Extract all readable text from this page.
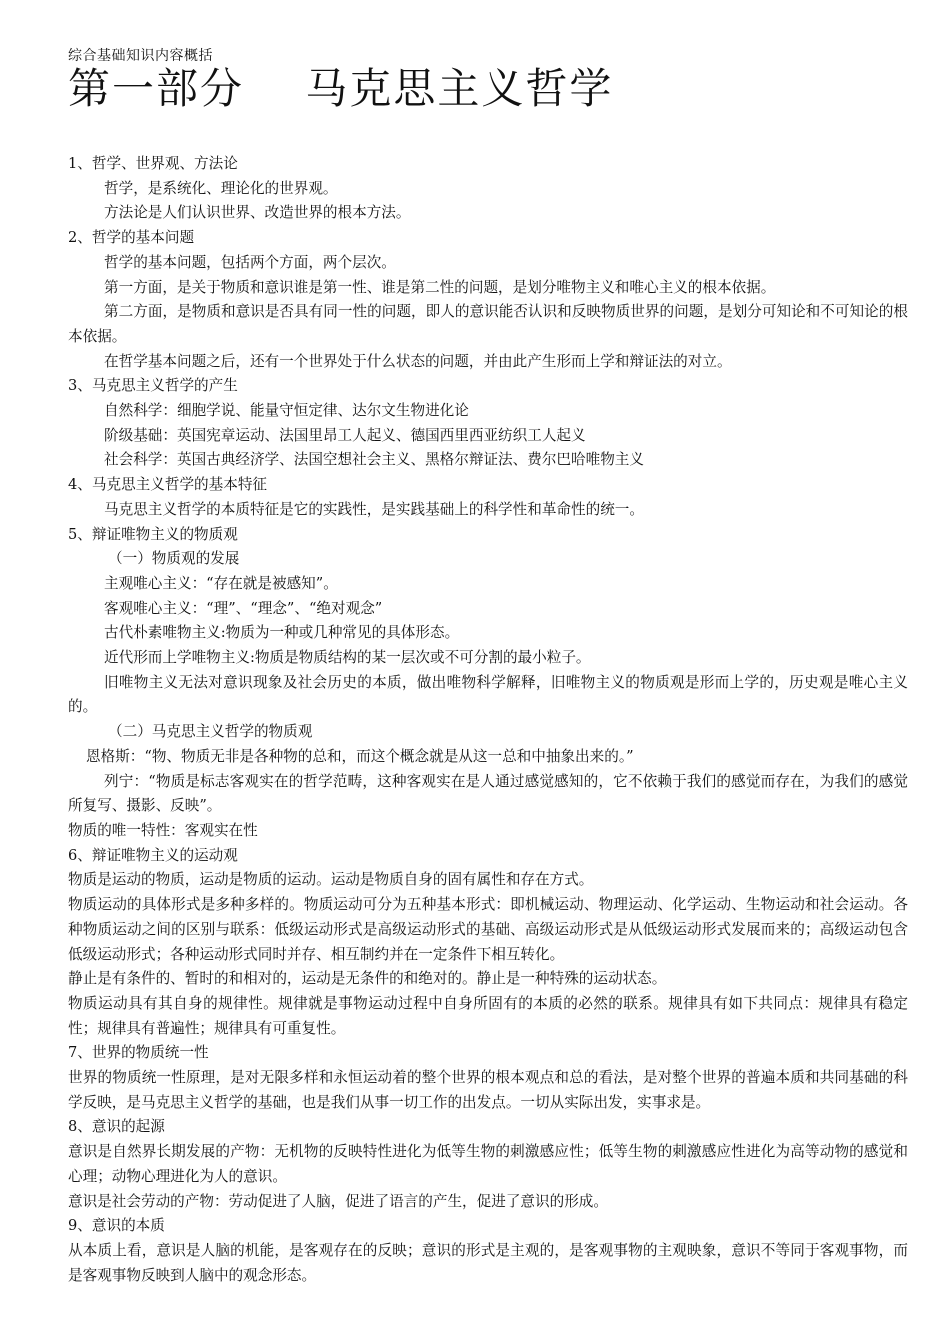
综合基础知识内容概括

第一部分    马克思主义哲学

1、哲学、世界观、方法论

哲学，是系统化、理论化的世界观。

方法论是人们认识世界、改造世界的根本方法。

2、哲学的基本问题

哲学的基本问题，包括两个方面，两个层次。

第一方面，是关于物质和意识谁是第一性、谁是第二性的问题，是划分唯物主义和唯心主义的根本依据。

第二方面，是物质和意识是否具有同一性的问题，即人的意识能否认识和反映物质世界的问题，是划分可知论和不可知论的根本依据。

在哲学基本问题之后，还有一个世界处于什么状态的问题，并由此产生形而上学和辩证法的对立。

3、马克思主义哲学的产生

自然科学：细胞学说、能量守恒定律、达尔文生物进化论

阶级基础：英国宪章运动、法国里昂工人起义、德国西里西亚纺织工人起义

社会科学：英国古典经济学、法国空想社会主义、黑格尔辩证法、费尔巴哈唯物主义

4、马克思主义哲学的基本特征

马克思主义哲学的本质特征是它的实践性，是实践基础上的科学性和革命性的统一。

5、辩证唯物主义的物质观

（一）物质观的发展

主观唯心主义：“存在就是被感知”。

客观唯心主义：“理”、“理念”、“绝对观念”

古代朴素唯物主义:物质为一种或几种常见的具体形态。

近代形而上学唯物主义:物质是物质结构的某一层次或不可分割的最小粒子。

旧唯物主义无法对意识现象及社会历史的本质，做出唯物科学解释，旧唯物主义的物质观是形而上学的，历史观是唯心主义的。

（二）马克思主义哲学的物质观

恩格斯：“物、物质无非是各种物的总和，而这个概念就是从这一总和中抽象出来的。”

列宁：“物质是标志客观实在的哲学范畴，这种客观实在是人通过感觉感知的，它不依赖于我们的感觉而存在，为我们的感觉所复写、摄影、反映”。

物质的唯一特性：客观实在性

6、辩证唯物主义的运动观

物质是运动的物质，运动是物质的运动。运动是物质自身的固有属性和存在方式。

物质运动的具体形式是多种多样的。物质运动可分为五种基本形式：即机械运动、物理运动、化学运动、生物运动和社会运动。各种物质运动之间的区别与联系：低级运动形式是高级运动形式的基础、高级运动形式是从低级运动形式发展而来的；高级运动包含低级运动形式；各种运动形式同时并存、相互制约并在一定条件下相互转化。

静止是有条件的、暂时的和相对的，运动是无条件的和绝对的。静止是一种特殊的运动状态。

物质运动具有其自身的规律性。规律就是事物运动过程中自身所固有的本质的必然的联系。规律具有如下共同点：规律具有稳定性；规律具有普遍性；规律具有可重复性。

7、世界的物质统一性

世界的物质统一性原理，是对无限多样和永恒运动着的整个世界的根本观点和总的看法，是对整个世界的普遍本质和共同基础的科学反映，是马克思主义哲学的基础，也是我们从事一切工作的出发点。一切从实际出发，实事求是。

8、意识的起源

意识是自然界长期发展的产物：无机物的反映特性进化为低等生物的刺激感应性；低等生物的刺激感应性进化为高等动物的感觉和心理；动物心理进化为人的意识。

意识是社会劳动的产物：劳动促进了人脑，促进了语言的产生，促进了意识的形成。

9、意识的本质

从本质上看，意识是人脑的机能，是客观存在的反映；意识的形式是主观的，是客观事物的主观映象，意识不等同于客观事物，而是客观事物反映到人脑中的观念形态。
